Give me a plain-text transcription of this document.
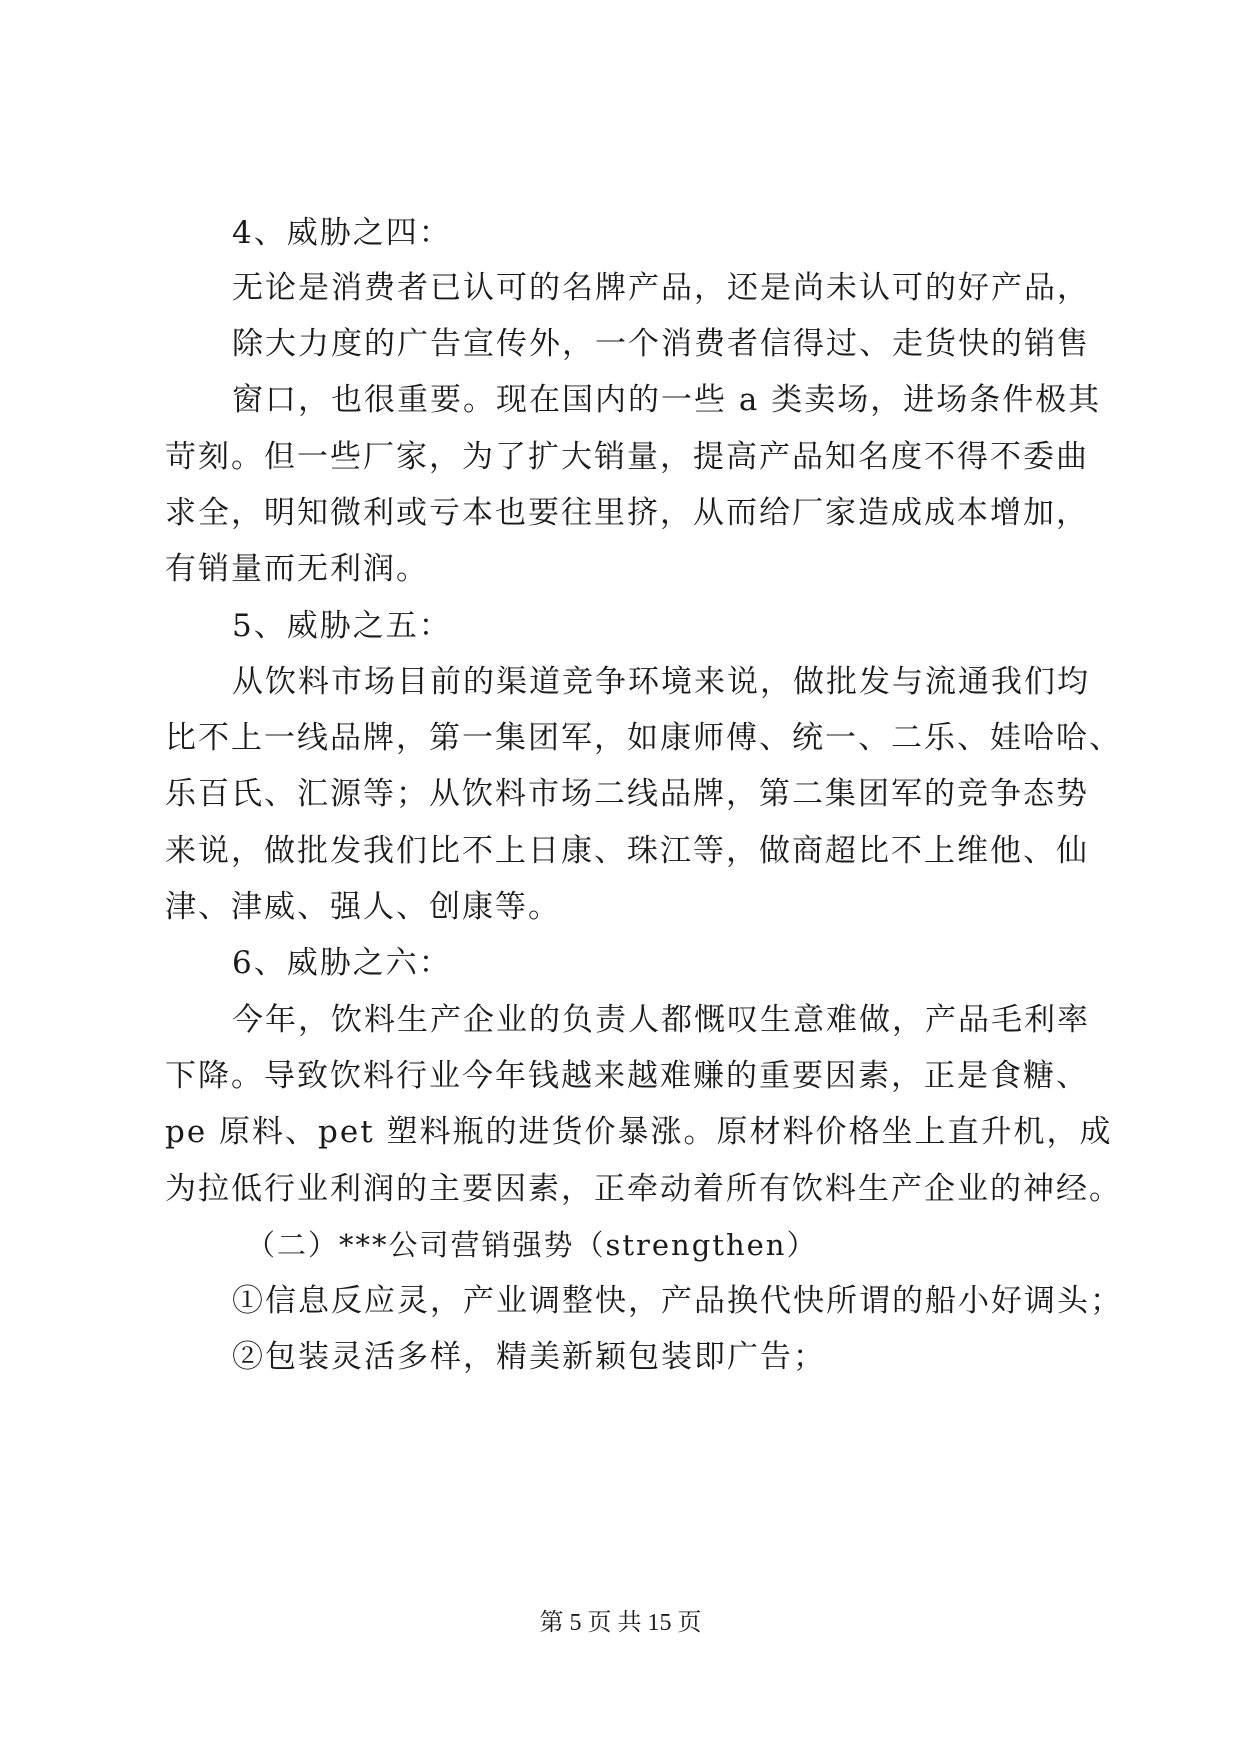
4、威胁之四：
无论是消费者已认可的名牌产品，还是尚未认可的好产品，
除大力度的广告宣传外，一个消费者信得过、走货快的销售
窗口，也很重要。现在国内的一些 a 类卖场，进场条件极其
苛刻。但一些厂家，为了扩大销量，提高产品知名度不得不委曲
求全，明知微利或亏本也要往里挤，从而给厂家造成成本增加，
有销量而无利润。
5、威胁之五：
从饮料市场目前的渠道竞争环境来说，做批发与流通我们均
比不上一线品牌，第一集团军，如康师傅、统一、二乐、娃哈哈、
乐百氏、汇源等；从饮料市场二线品牌，第二集团军的竞争态势
来说，做批发我们比不上日康、珠江等，做商超比不上维他、仙
津、津威、强人、创康等。
6、威胁之六：
今年，饮料生产企业的负责人都慨叹生意难做，产品毛利率
下降。导致饮料行业今年钱越来越难赚的重要因素，正是食糖、
pe 原料、pet 塑料瓶的进货价暴涨。原材料价格坐上直升机，成
为拉低行业利润的主要因素，正牵动着所有饮料生产企业的神经。
（二）***公司营销强势（strengthen）
①信息反应灵，产业调整快，产品换代快所谓的船小好调头；
②包装灵活多样，精美新颖包装即广告；
第 5 页 共 15 页
